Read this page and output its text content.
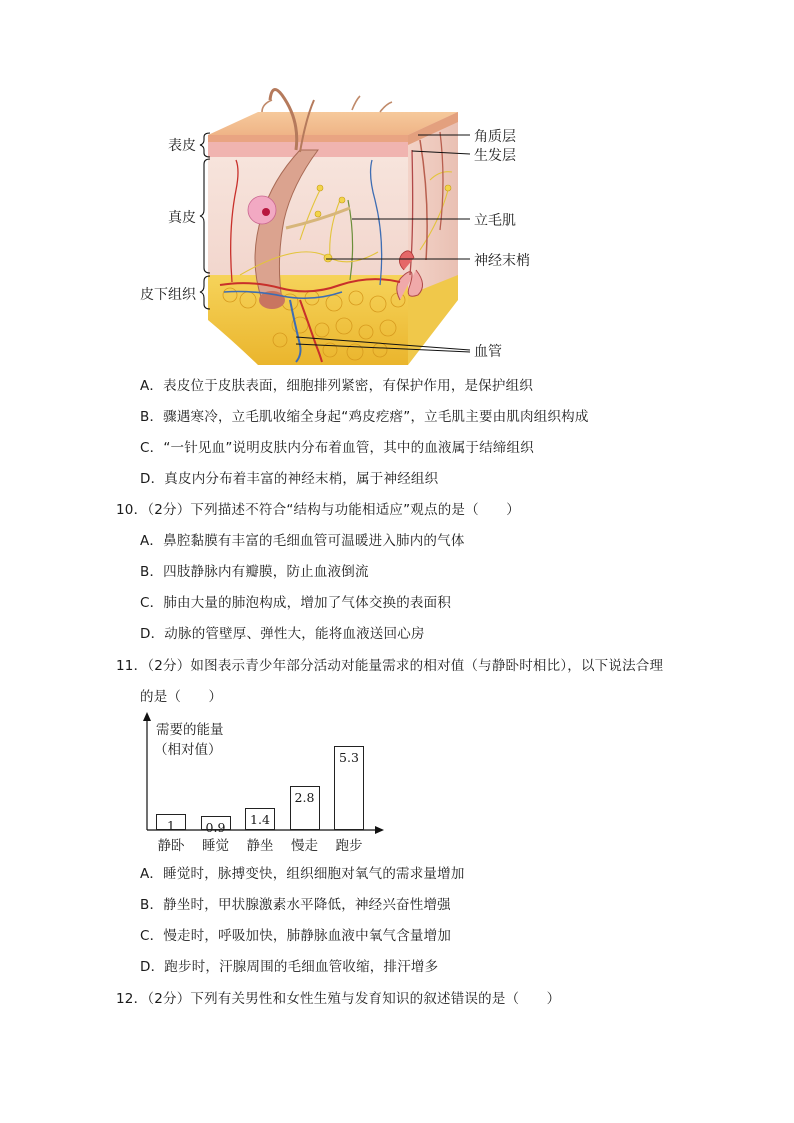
表皮
真皮
皮下组织
角质层
生发层
立毛肌
神经末梢
血管
A．表皮位于皮肤表面，细胞排列紧密，有保护作用，是保护组织
B．骤遇寒冷，立毛肌收缩全身起“鸡皮疙瘩”，立毛肌主要由肌肉组织构成
C．“一针见血”说明皮肤内分布着血管，其中的血液属于结缔组织
D．真皮内分布着丰富的神经末梢，属于神经组织
10．（2分）下列描述不符合“结构与功能相适应”观点的是（　　）
A．鼻腔黏膜有丰富的毛细血管可温暖进入肺内的气体
B．四肢静脉内有瓣膜，防止血液倒流
C．肺由大量的肺泡构成，增加了气体交换的表面积
D．动脉的管壁厚、弹性大，能将血液送回心房
11．（2分）如图表示青少年部分活动对能量需求的相对值（与静卧时相比），以下说法合理
的是（　　）
需要的能量
（相对值）
1
静卧
0.9
睡觉
1.4
静坐
2.8
慢走
5.3
跑步
A．睡觉时，脉搏变快，组织细胞对氧气的需求量增加
B．静坐时，甲状腺激素水平降低，神经兴奋性增强
C．慢走时，呼吸加快，肺静脉血液中氧气含量增加
D．跑步时，汗腺周围的毛细血管收缩，排汗增多
12．（2分）下列有关男性和女性生殖与发育知识的叙述错误的是（　　）
